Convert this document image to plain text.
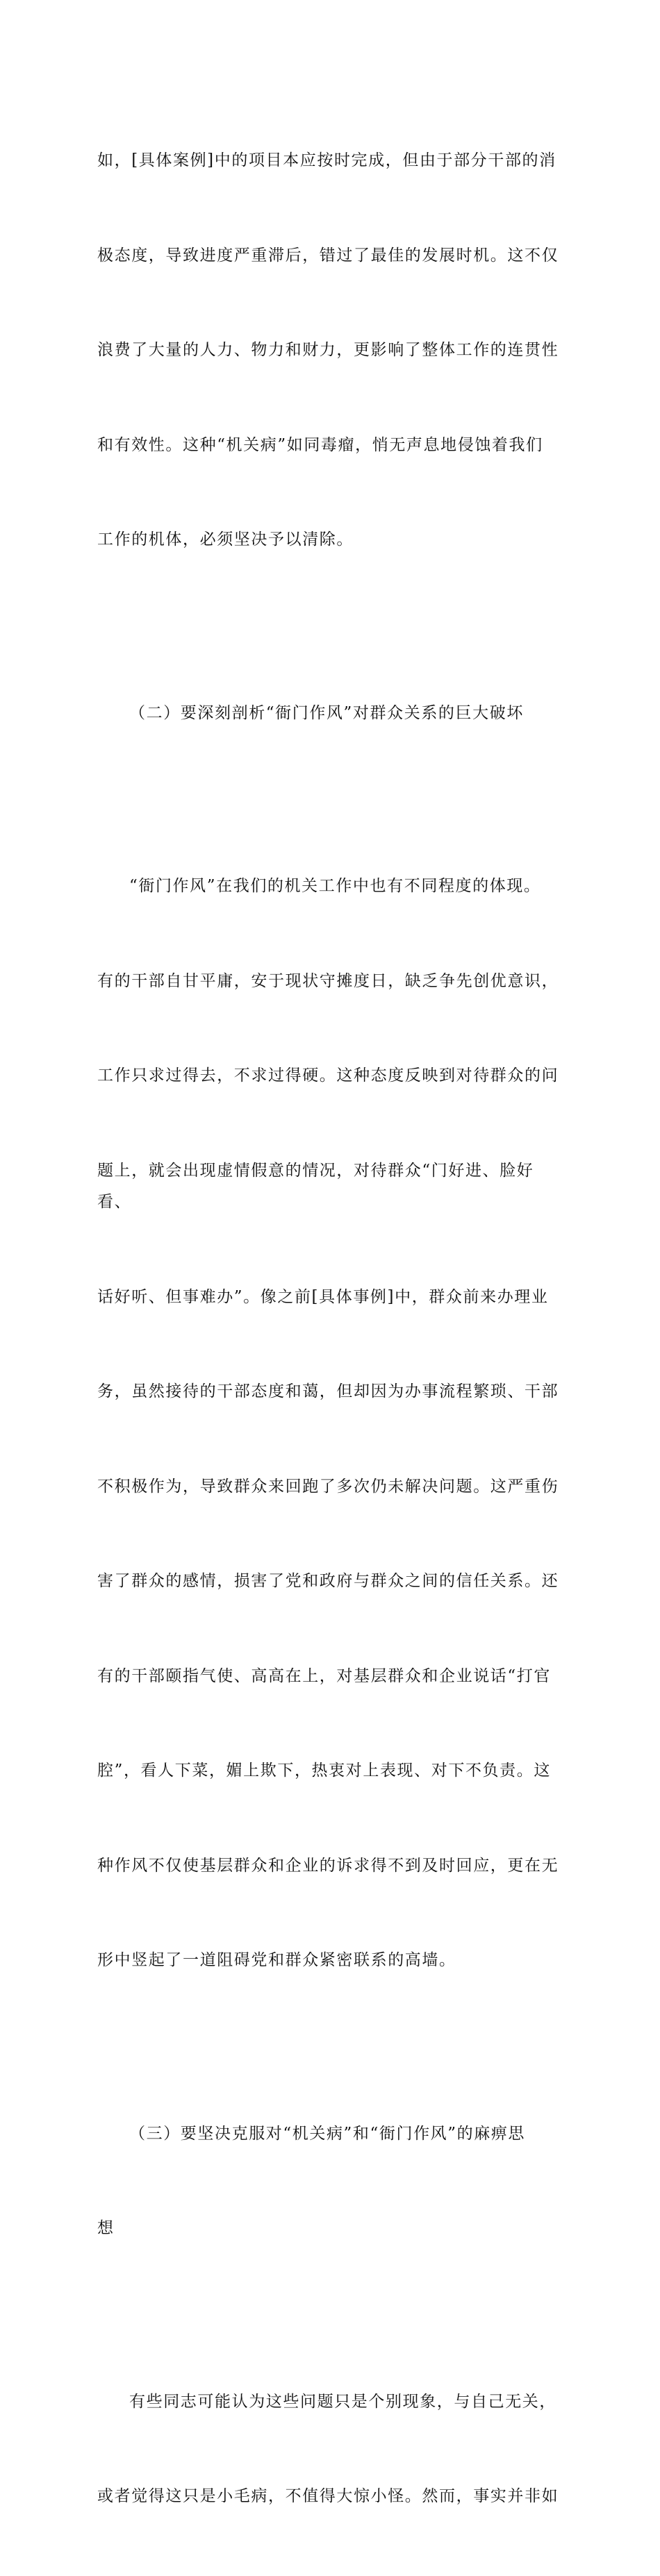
如，[具体案例]中的项目本应按时完成，但由于部分干部的消

极态度，导致进度严重滞后，错过了最佳的发展时机。这不仅

浪费了大量的人力、物力和财力，更影响了整体工作的连贯性

和有效性。这种“机关病”如同毒瘤，悄无声息地侵蚀着我们

工作的机体，必须坚决予以清除。

（二）要深刻剖析“衙门作风”对群众关系的巨大破坏

“衙门作风”在我们的机关工作中也有不同程度的体现。

有的干部自甘平庸，安于现状守摊度日，缺乏争先创优意识，

工作只求过得去，不求过得硬。这种态度反映到对待群众的问

题上，就会出现虚情假意的情况，对待群众“门好进、脸好看、

话好听、但事难办”。像之前[具体事例]中，群众前来办理业

务，虽然接待的干部态度和蔼，但却因为办事流程繁琐、干部

不积极作为，导致群众来回跑了多次仍未解决问题。这严重伤

害了群众的感情，损害了党和政府与群众之间的信任关系。还

有的干部颐指气使、高高在上，对基层群众和企业说话“打官

腔”，看人下菜，媚上欺下，热衷对上表现、对下不负责。这

种作风不仅使基层群众和企业的诉求得不到及时回应，更在无

形中竖起了一道阻碍党和群众紧密联系的高墙。

（三）要坚决克服对“机关病”和“衙门作风”的麻痹思

想

有些同志可能认为这些问题只是个别现象，与自己无关，

或者觉得这只是小毛病，不值得大惊小怪。然而，事实并非如
